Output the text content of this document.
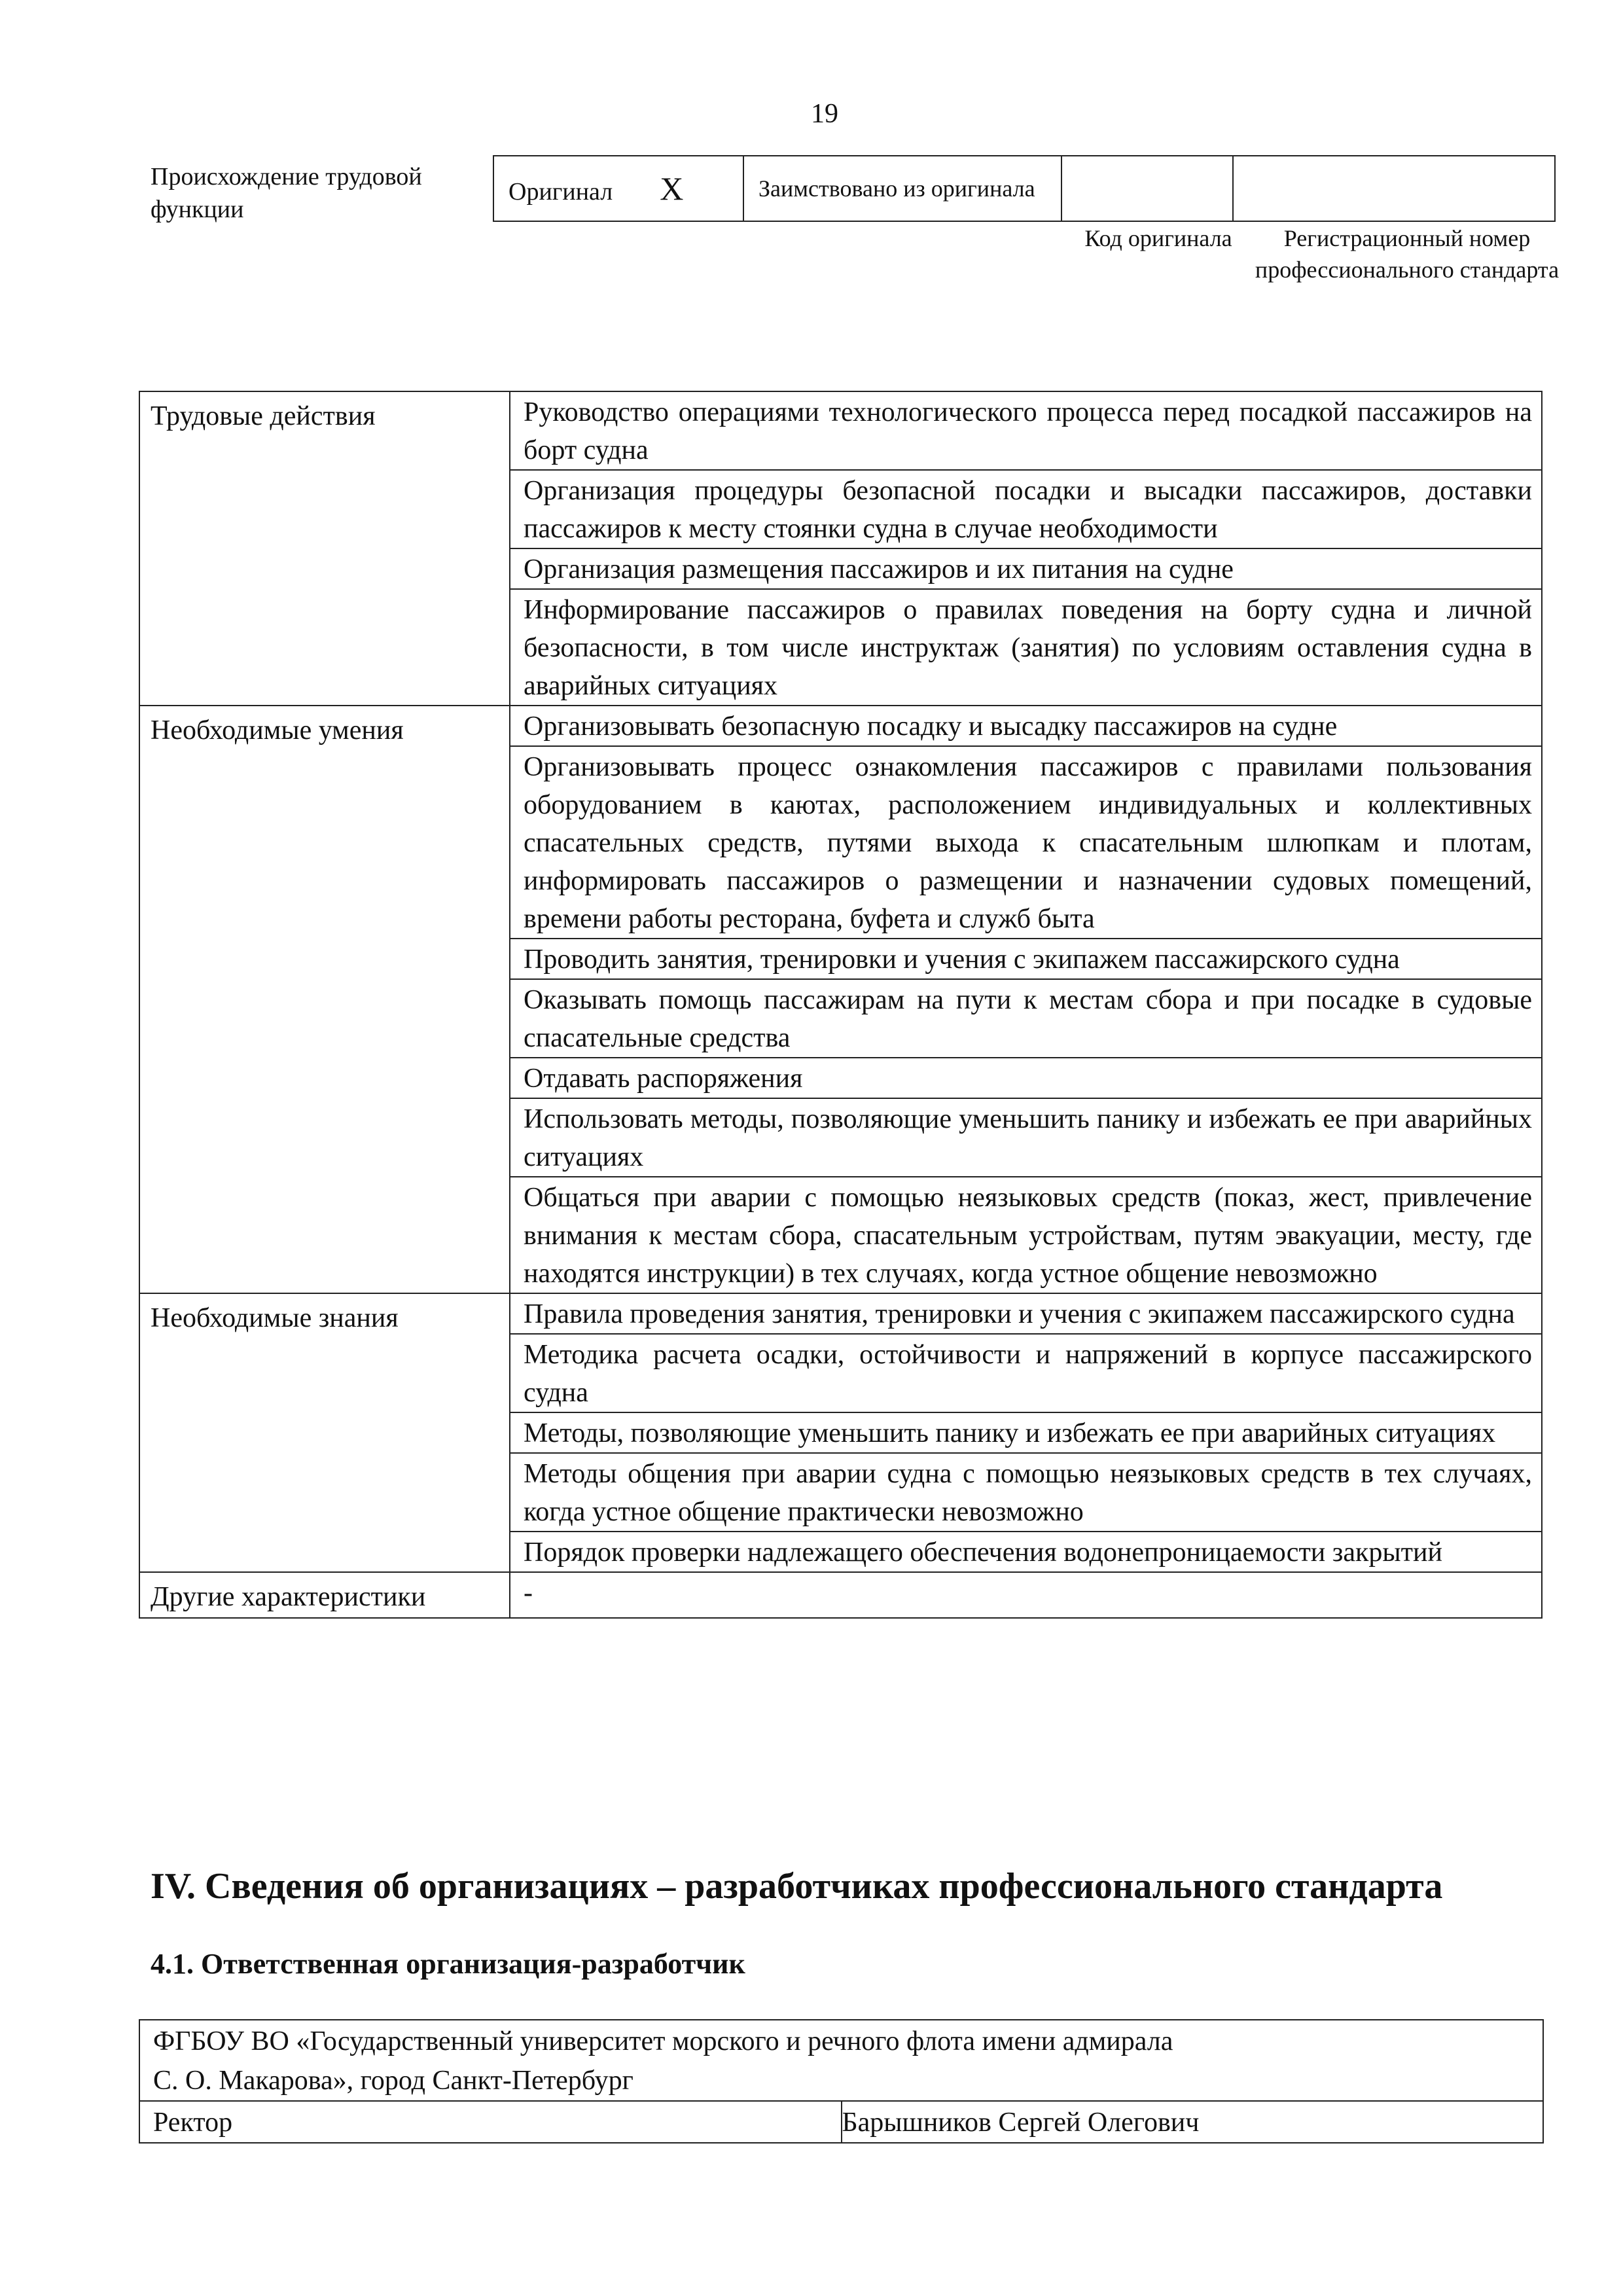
19
Происхождение трудовой функции
Оригинал X	Заимствовано из оригинала		
Код оригинала	Регистрационный номер профессионального стандарта
Трудовые действия	Руководство операциями технологического процесса перед посадкой пассажиров на борт судна
	Организация процедуры безопасной посадки и высадки пассажиров, доставки пассажиров к месту стоянки судна в случае необходимости
	Организация размещения пассажиров и их питания на судне
	Информирование пассажиров о правилах поведения на борту судна и личной безопасности, в том числе инструктаж (занятия) по условиям оставления судна в аварийных ситуациях
Необходимые умения	Организовывать безопасную посадку и высадку пассажиров на судне
	Организовывать процесс ознакомления пассажиров с правилами пользования оборудованием в каютах, расположением индивидуальных и коллективных спасательных средств, путями выхода к спасательным шлюпкам и плотам, информировать пассажиров о размещении и назначении судовых помещений, времени работы ресторана, буфета и служб быта
	Проводить занятия, тренировки и учения с экипажем пассажирского судна
	Оказывать помощь пассажирам на пути к местам сбора и при посадке в судовые спасательные средства
	Отдавать распоряжения
	Использовать методы, позволяющие уменьшить панику и избежать ее при аварийных ситуациях
	Общаться при аварии с помощью неязыковых средств (показ, жест, привлечение внимания к местам сбора, спасательным устройствам, путям эвакуации, месту, где находятся инструкции) в тех случаях, когда устное общение невозможно
Необходимые знания	Правила проведения занятия, тренировки и учения с экипажем пассажирского судна
	Методика расчета осадки, остойчивости и напряжений в корпусе пассажирского судна
	Методы, позволяющие уменьшить панику и избежать ее при аварийных ситуациях
	Методы общения при аварии судна с помощью неязыковых средств в тех случаях, когда устное общение практически невозможно
	Порядок проверки надлежащего обеспечения водонепроницаемости закрытий
Другие характеристики	-
IV. Сведения об организациях – разработчиках профессионального стандарта
4.1. Ответственная организация-разработчик
ФГБОУ ВО «Государственный университет морского и речного флота имени адмирала
С. О. Макарова», город Санкт-Петербург

Ректор	Барышников Сергей Олегович
